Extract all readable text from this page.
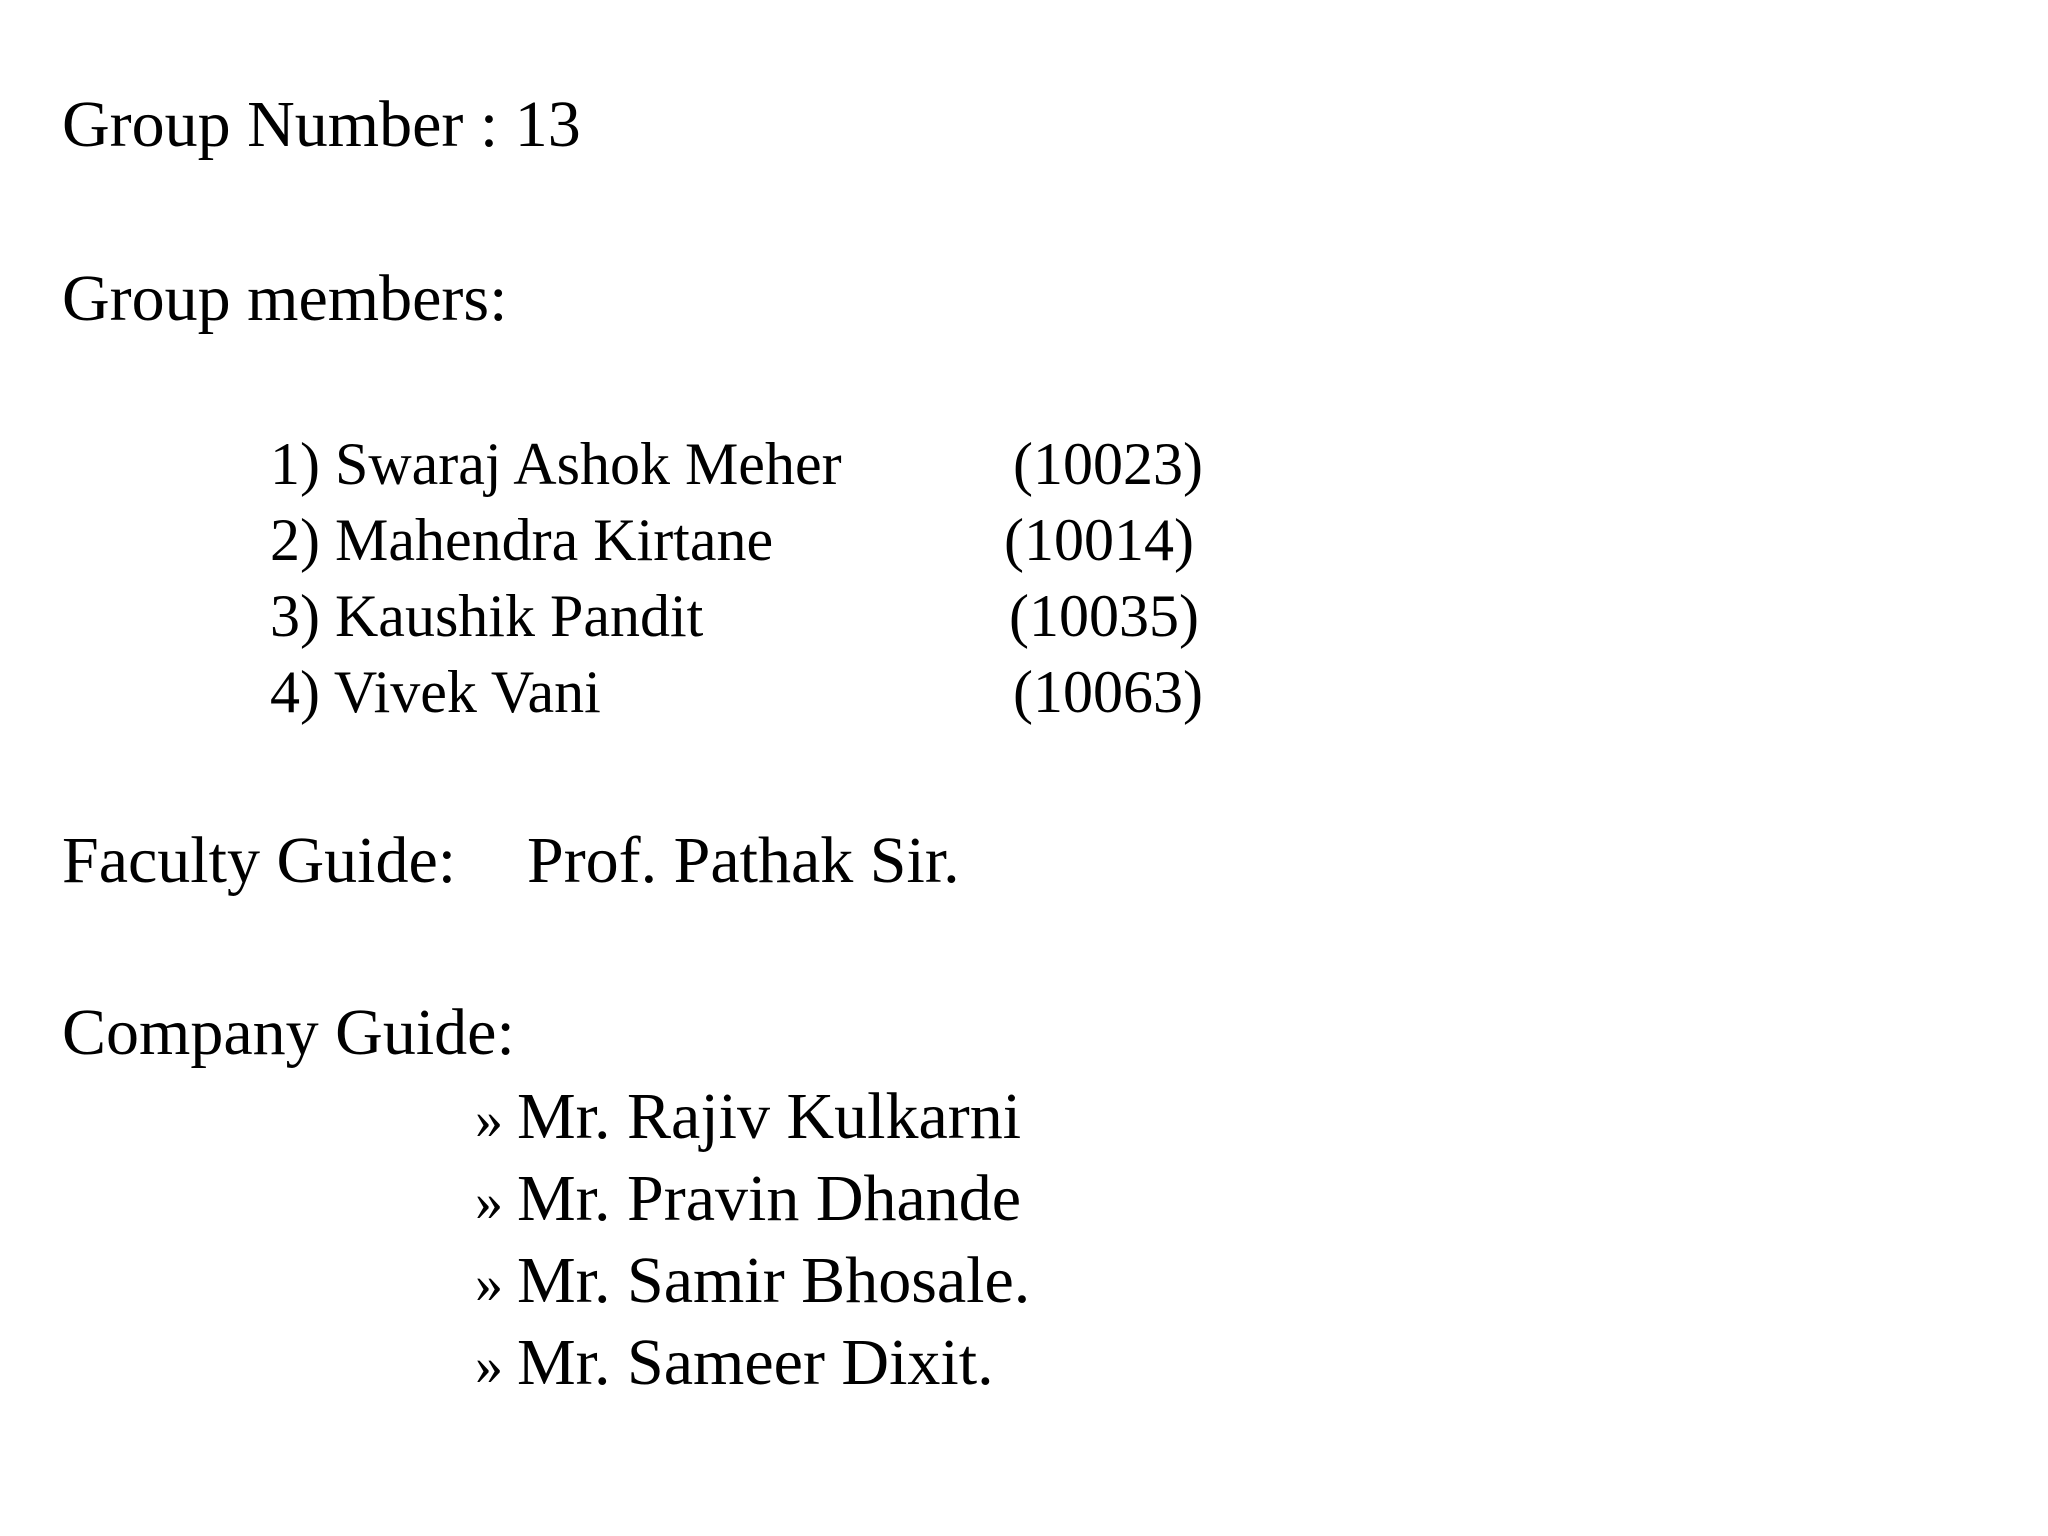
Group Number : 13
Group members:
1) Swaraj Ashok Meher	(10023)
2) Mahendra Kirtane	(10014)
3) Kaushik Pandit	(10035)
4) Vivek Vani	(10063)
Faculty Guide: Prof. Pathak Sir.
Company Guide:
» Mr. Rajiv Kulkarni
» Mr. Pravin Dhande
» Mr. Samir Bhosale.
» Mr. Sameer Dixit.
